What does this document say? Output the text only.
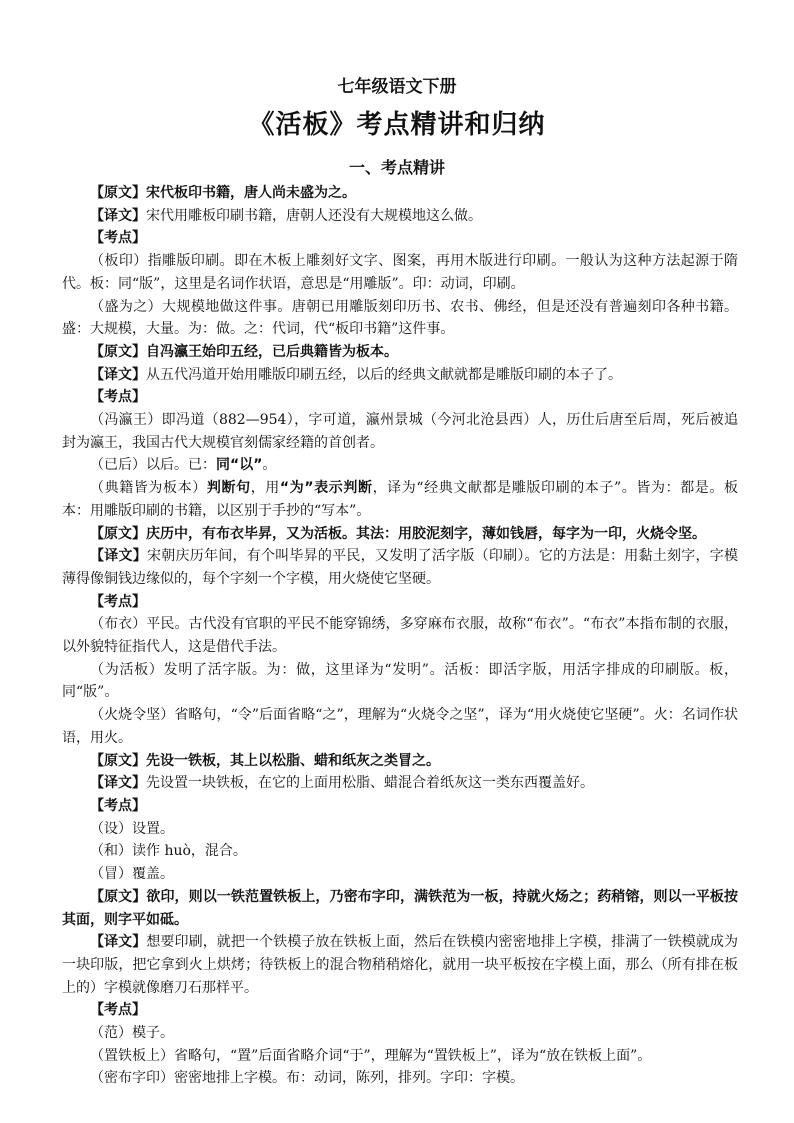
七年级语文下册
《活板》考点精讲和归纳
一、考点精讲

【原文】宋代板印书籍，唐人尚未盛为之。

【译文】宋代用雕板印刷书籍，唐朝人还没有大规模地这么做。

【考点】

（板印）指雕版印刷。即在木板上雕刻好文字、图案，再用木版进行印刷。一般认为这种方法起源于隋代。板：同“版”，这里是名词作状语，意思是“用雕版”。印：动词，印刷。

（盛为之）大规模地做这件事。唐朝已用雕版刻印历书、农书、佛经，但是还没有普遍刻印各种书籍。盛：大规模，大量。为：做。之：代词，代“板印书籍”这件事。

【原文】自冯瀛王始印五经，已后典籍皆为板本。

【译文】从五代冯道开始用雕版印刷五经，以后的经典文献就都是雕版印刷的本子了。

【考点】

（冯瀛王）即冯道（882—954），字可道，瀛州景城（今河北沧县西）人，历仕后唐至后周，死后被追封为瀛王，我国古代大规模官刻儒家经籍的首创者。

（已后）以后。已：同“以”。

（典籍皆为板本）判断句，用“为”表示判断，译为“经典文献都是雕版印刷的本子”。皆为：都是。板本：用雕版印刷的书籍，以区别于手抄的“写本”。

【原文】庆历中，有布衣毕昇，又为活板。其法：用胶泥刻字，薄如钱唇，每字为一印，火烧令坚。

【译文】宋朝庆历年间，有个叫毕昇的平民，又发明了活字版（印刷）。它的方法是：用黏土刻字，字模薄得像铜钱边缘似的，每个字刻一个字模，用火烧使它坚硬。

【考点】

（布衣）平民。古代没有官职的平民不能穿锦绣，多穿麻布衣服，故称“布衣”。“布衣”本指布制的衣服，以外貌特征指代人，这是借代手法。

（为活板）发明了活字版。为：做，这里译为“发明”。活板：即活字版，用活字排成的印刷版。板，同“版”。

（火烧令坚）省略句，“令”后面省略“之”，理解为“火烧令之坚”，译为“用火烧使它坚硬”。火：名词作状语，用火。

【原文】先设一铁板，其上以松脂、蜡和纸灰之类冒之。

【译文】先设置一块铁板，在它的上面用松脂、蜡混合着纸灰这一类东西覆盖好。

【考点】

（设）设置。

（和）读作 huò，混合。

（冒）覆盖。

【原文】欲印，则以一铁范置铁板上，乃密布字印，满铁范为一板，持就火炀之；药稍镕，则以一平板按其面，则字平如砥。

【译文】想要印刷，就把一个铁模子放在铁板上面，然后在铁模内密密地排上字模，排满了一铁模就成为一块印版，把它拿到火上烘烤；待铁板上的混合物稍稍熔化，就用一块平板按在字模上面，那么（所有排在板上的）字模就像磨刀石那样平。

【考点】

（范）模子。

（置铁板上）省略句，“置”后面省略介词“于”，理解为“置铁板上”，译为“放在铁板上面”。

（密布字印）密密地排上字模。布：动词，陈列，排列。字印：字模。
